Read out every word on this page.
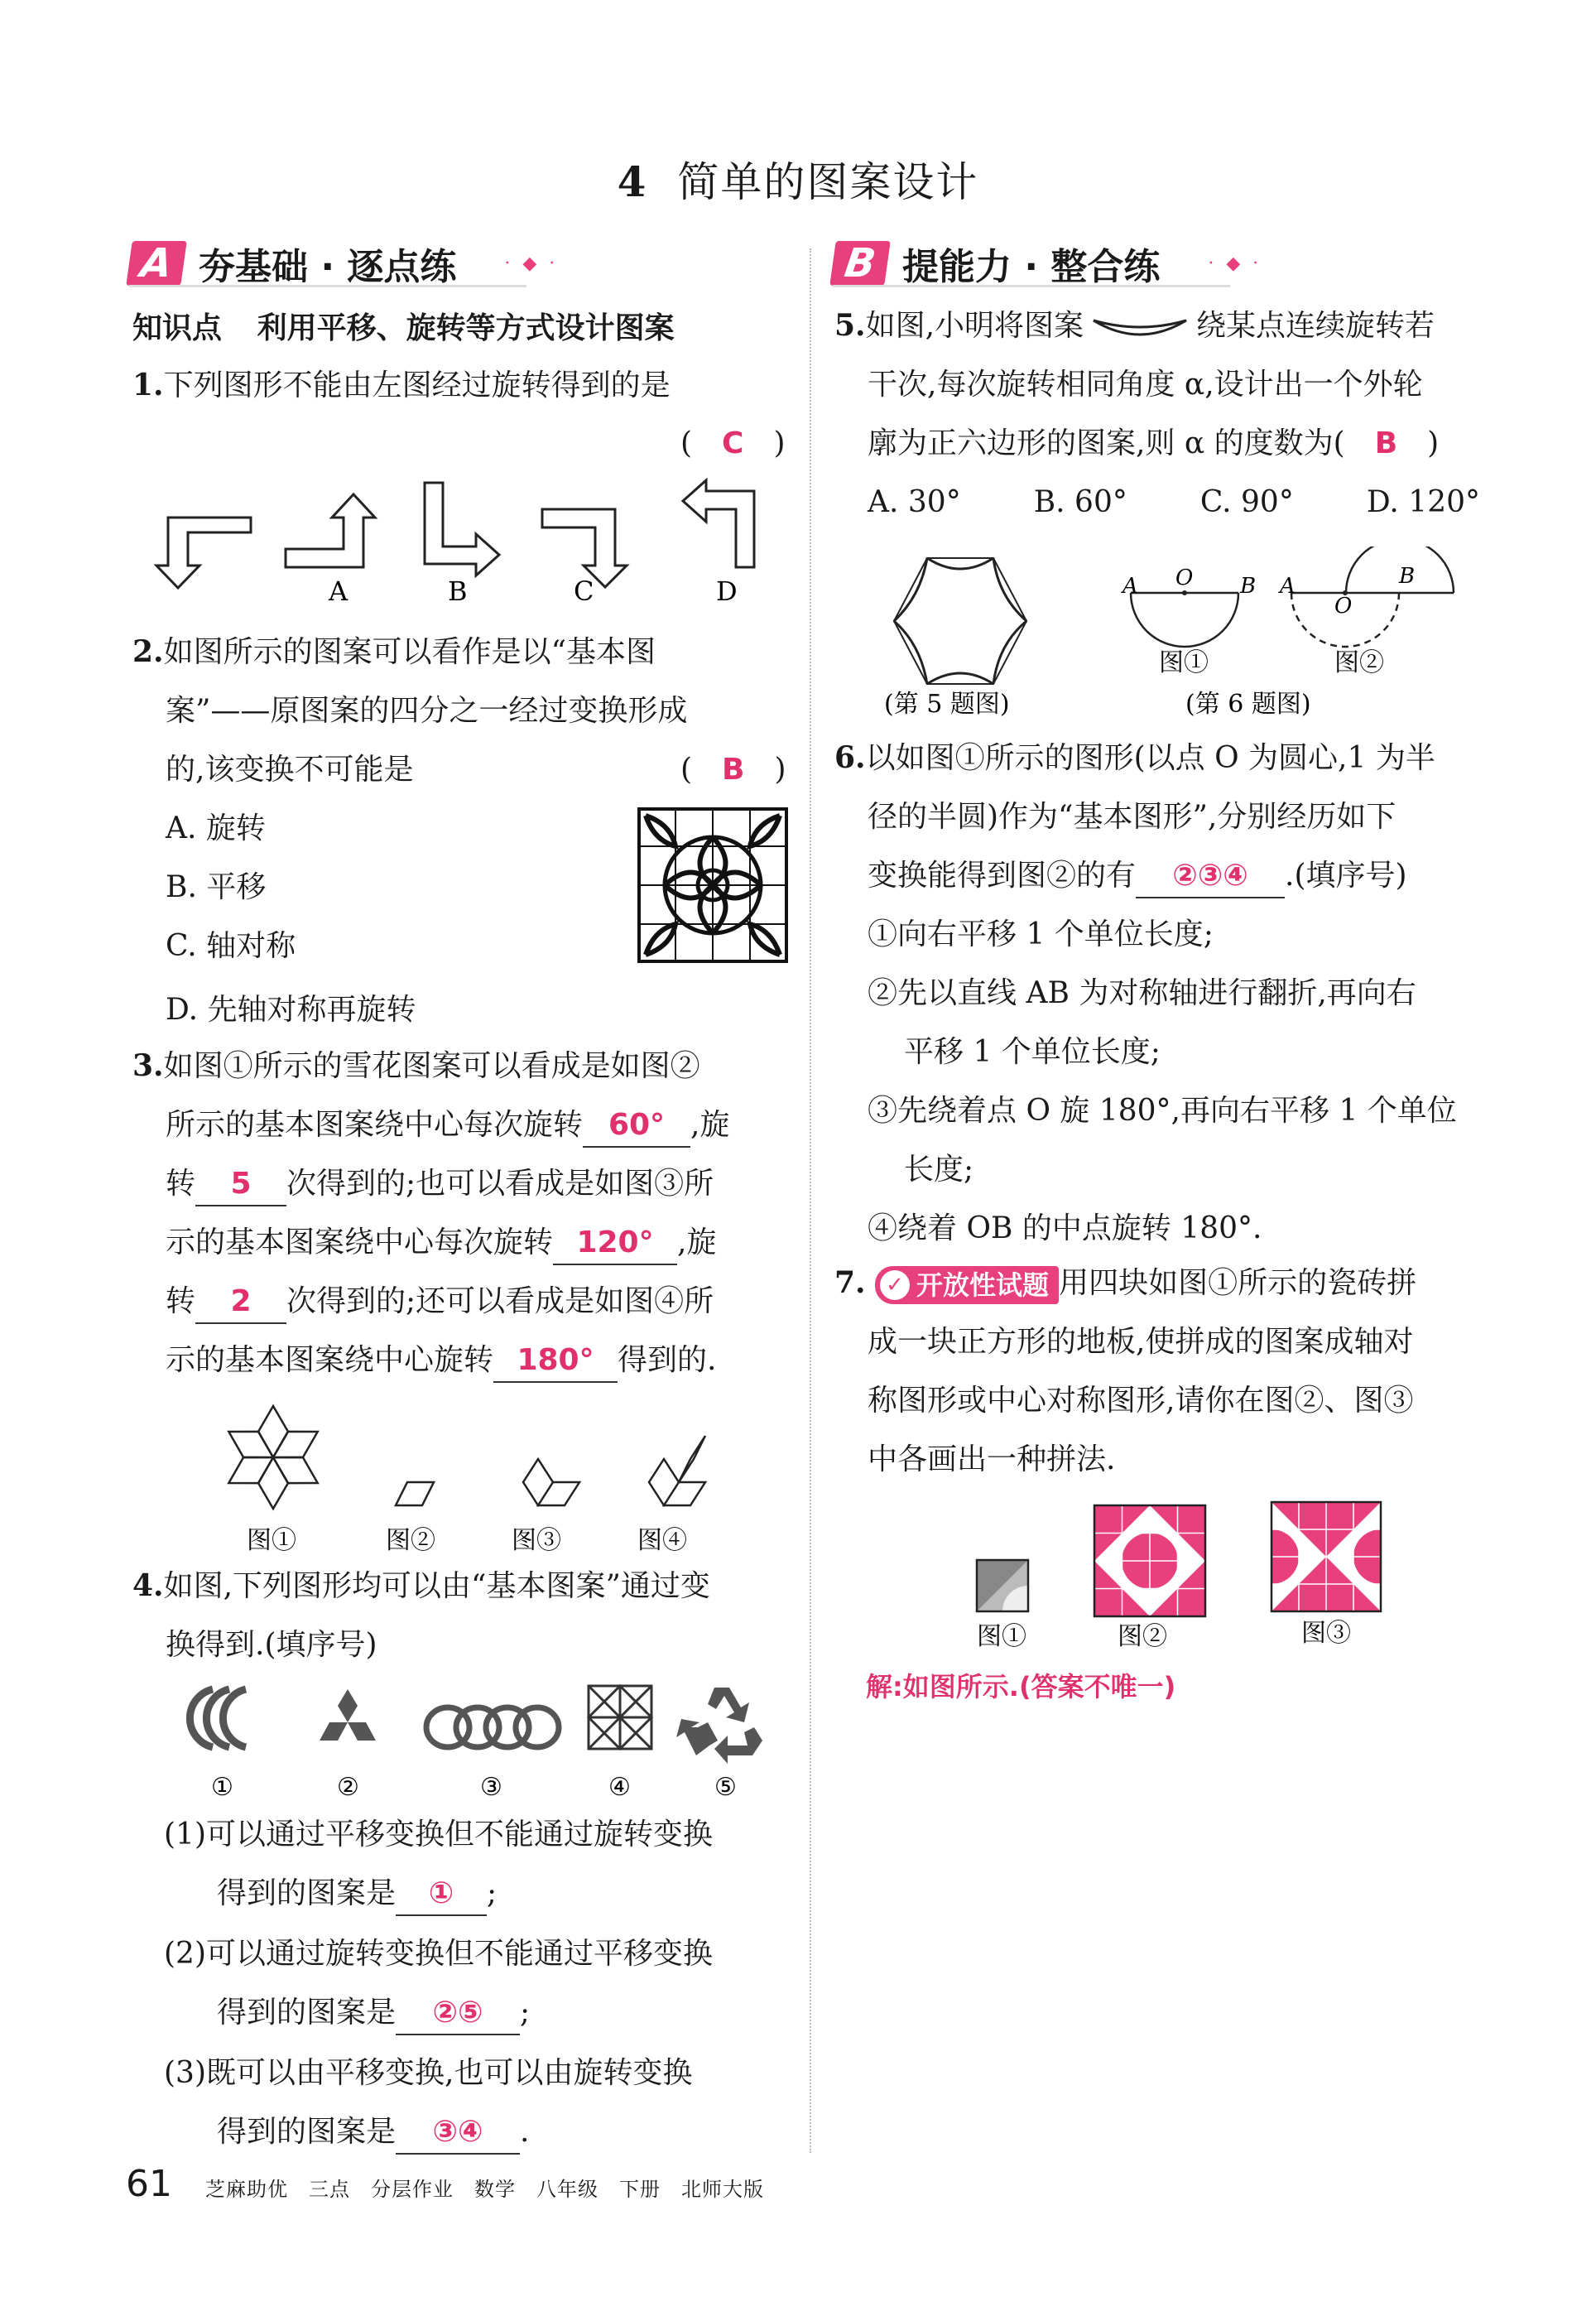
4 简单的图案设计
A 夯基础 · 逐点练	· ◆ ·
知识点 利用平移、旋转等方式设计图案
1.下列图形不能由左图经过旋转得到的是
(　C　)
A	B	C	D
2.如图所示的图案可以看作是以“基本图
案”——原图案的四分之一经过变换形成
的,该变换不可能是
A. 旋转
B. 平移
C. 轴对称
D. 先轴对称再旋转
(　B　)
3.如图①所示的雪花图案可以看成是如图②
所示的基本图案绕中心每次旋转 60° ,旋
转 5 次得到的;也可以看成是如图③所
示的基本图案绕中心每次旋转 120° ,旋
转 2 次得到的;还可以看成是如图④所
示的基本图案绕中心旋转 180° 得到的.
图①	图②	图③	图④
4.如图,下列图形均可以由“基本图案”通过变
换得到.(填序号)
①	②	③	④	⑤
(1)可以通过平移变换但不能通过旋转变换
得到的图案是 ① ;
(2)可以通过旋转变换但不能通过平移变换
得到的图案是 ②⑤ ;
(3)既可以由平移变换,也可以由旋转变换
得到的图案是 ③④ .
B 提能力 · 整合练	· ◆ ·
5.如图,小明将图案	绕某点连续旋转若
干次,每次旋转相同角度 α,设计出一个外轮
廓为正六边形的图案,则 α 的度数为(　B　)
A. 30° B. 60° C. 90° D. 120°
(第 5 题图)
A O B A
O
B
图①	图②
(第 6 题图)
6.以如图①所示的图形(以点 O 为圆心,1 为半
径的半圆)作为“基本图形”,分别经历如下
变换能得到图②的有 ②③④ .(填序号)
①向右平移 1 个单位长度;
②先以直线 AB 为对称轴进行翻折,再向右
平移 1 个单位长度;
③先绕着点 O 旋 180°,再向右平移 1 个单位
长度;
④绕着 OB 的中点旋转 180°.
7. ✓ 开放性试题 用四块如图①所示的瓷砖拼
成一块正方形的地板,使拼成的图案成轴对
称图形或中心对称图形,请你在图②、图③
中各画出一种拼法.
图①	图②	图③
解:如图所示.(答案不唯一)
61 芝麻助优　三点　分层作业　数学　八年级　下册　北师大版
